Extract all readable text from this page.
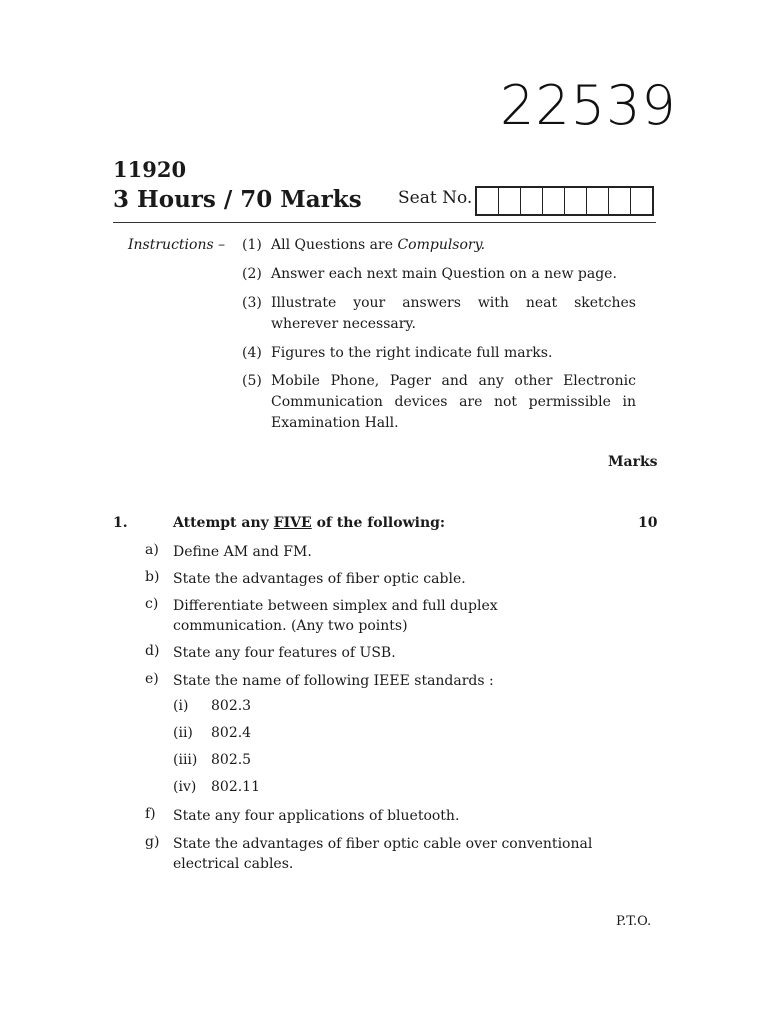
22539
11920
3 Hours / 70 Marks Seat No.
Instructions – (1) All Questions are Compulsory.
(2) Answer each next main Question on a new page.
(3) Illustrate your answers with neat sketches wherever necessary.
(4) Figures to the right indicate full marks.
(5) Mobile Phone, Pager and any other Electronic Communication devices are not permissible in Examination Hall.
Marks
1.	Attempt any FIVE of the following:	10
a)	Define AM and FM.
b) State the advantages of fiber optic cable.
c)	Differentiate between simplex and full duplex communication. (Any two points)
d) State any four features of USB.
e)	State the name of following IEEE standards :
(i)	802.3
(ii)	802.4
(iii) 802.5
(iv)	802.11
f)	State any four applications of bluetooth.
g) State the advantages of fiber optic cable over conventional electrical cables.
P.T.O.
